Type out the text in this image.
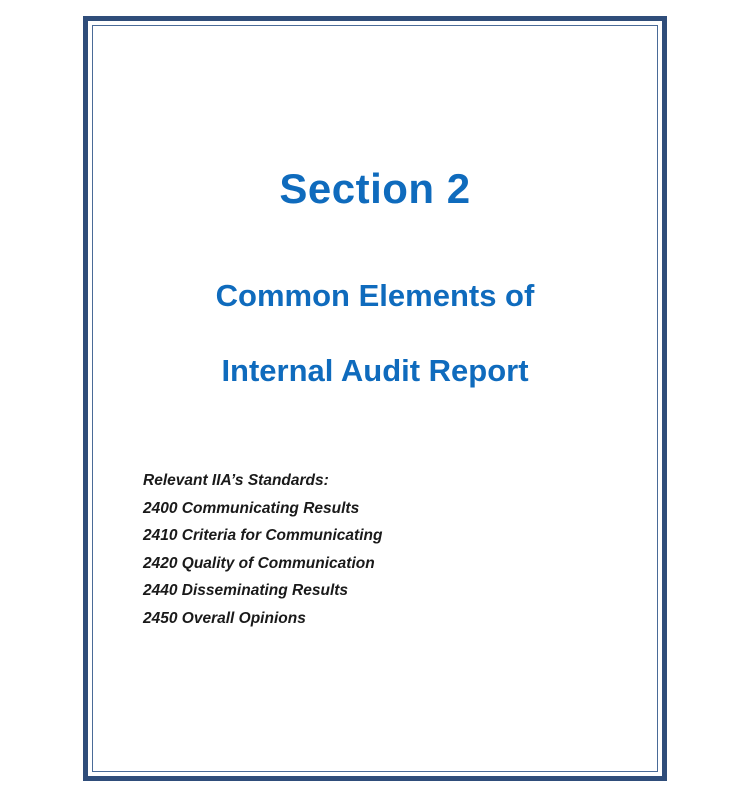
Section 2
Common Elements of
Internal Audit Report
Relevant IIA’s Standards:
2400 Communicating Results
2410 Criteria for Communicating
2420 Quality of Communication
2440 Disseminating Results
2450 Overall Opinions
